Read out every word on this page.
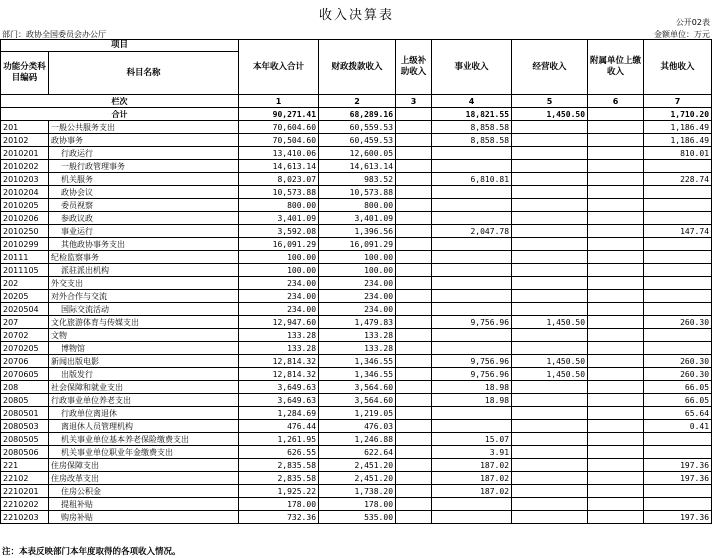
收入决算表	公开02表
部门：政协全国委员会办公厅	金额单位：万元
项目		本年收入合计	财政拨款收入	上级补助收入	事业收入	经营收入	附属单位上缴收入	其他收入
功能分类科目编码	科目名称							

栏次		1	2	3	4	5	6	7
合计		90,271.41	68,289.16		18,821.55	1,450.50		1,710.20
201	一般公共服务支出	70,604.60	60,559.53		8,858.58			1,186.49
20102	政协事务	70,504.60	60,459.53		8,858.58			1,186.49
2010201	行政运行	13,410.06	12,600.05					810.01
2010202	一般行政管理事务	14,613.14	14,613.14					
2010203	机关服务	8,023.07	983.52		6,810.81			228.74
2010204	政协会议	10,573.88	10,573.88					
2010205	委员视察	800.00	800.00					
2010206	参政议政	3,401.09	3,401.09					
2010250	事业运行	3,592.08	1,396.56		2,047.78			147.74
2010299	其他政协事务支出	16,091.29	16,091.29					
20111	纪检监察事务	100.00	100.00					
2011105	派驻派出机构	100.00	100.00					
202	外交支出	234.00	234.00					
20205	对外合作与交流	234.00	234.00					
2020504	国际交流活动	234.00	234.00					
207	文化旅游体育与传媒支出	12,947.60	1,479.83		9,756.96	1,450.50		260.30
20702	文物	133.28	133.28					
2070205	博物馆	133.28	133.28					
20706	新闻出版电影	12,814.32	1,346.55		9,756.96	1,450.50		260.30
2070605	出版发行	12,814.32	1,346.55		9,756.96	1,450.50		260.30
208	社会保障和就业支出	3,649.63	3,564.60		18.98			66.05
20805	行政事业单位养老支出	3,649.63	3,564.60		18.98			66.05
2080501	行政单位离退休	1,284.69	1,219.05					65.64
2080503	离退休人员管理机构	476.44	476.03					0.41
2080505	机关事业单位基本养老保险缴费支出	1,261.95	1,246.88		15.07			
2080506	机关事业单位职业年金缴费支出	626.55	622.64		3.91			
221	住房保障支出	2,835.58	2,451.20		187.02			197.36
22102	住房改革支出	2,835.58	2,451.20		187.02			197.36
2210201	住房公积金	1,925.22	1,738.20		187.02			
2210202	提租补贴	178.00	178.00					
2210203	购房补贴	732.36	535.00					197.36
注：本表反映部门本年度取得的各项收入情况。
